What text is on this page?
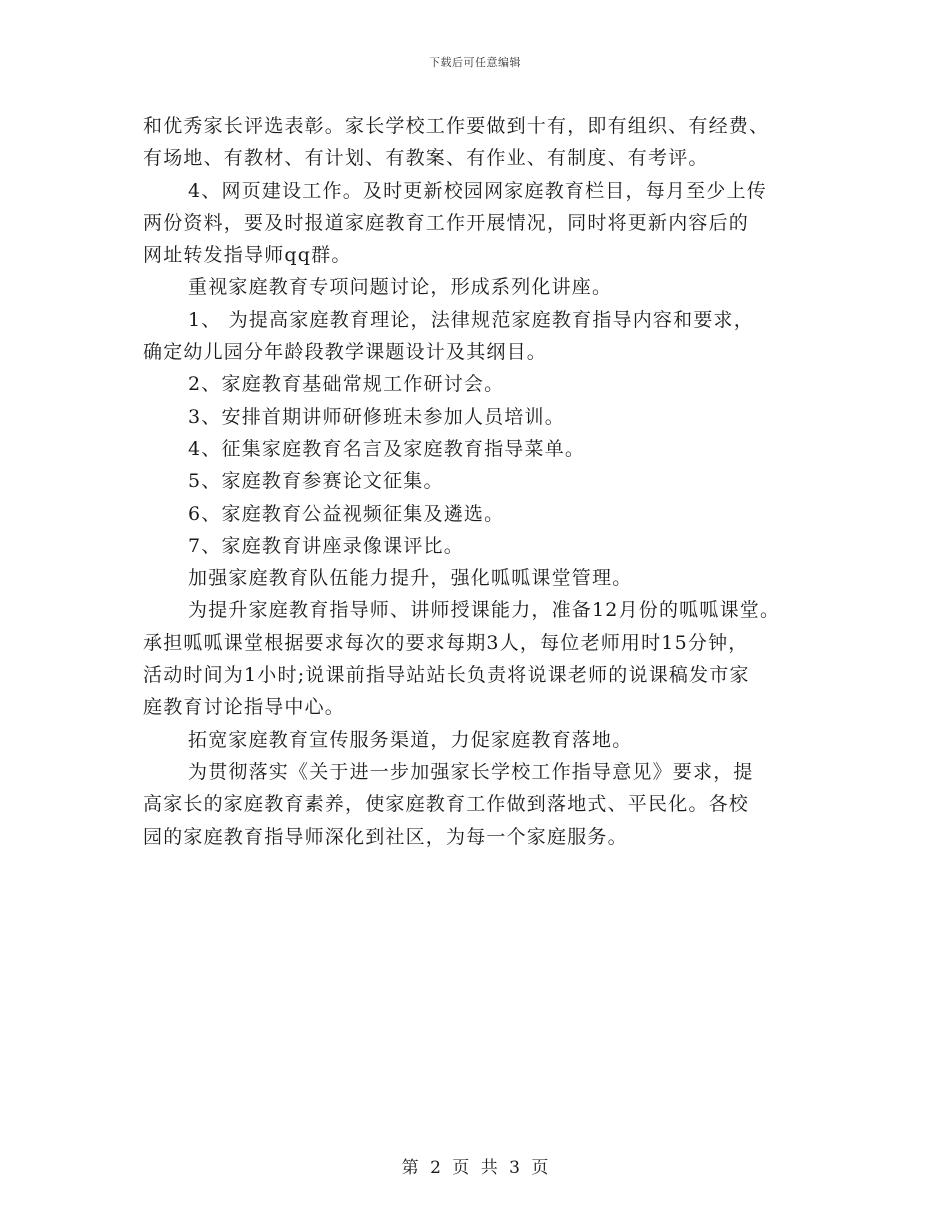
下载后可任意编辑
和优秀家长评选表彰。家长学校工作要做到十有，即有组织、有经费、
有场地、有教材、有计划、有教案、有作业、有制度、有考评。
4、网页建设工作。及时更新校园网家庭教育栏目，每月至少上传
两份资料，要及时报道家庭教育工作开展情况，同时将更新内容后的
网址转发指导师qq群。
重视家庭教育专项问题讨论，形成系列化讲座。
1、 为提高家庭教育理论，法律规范家庭教育指导内容和要求，
确定幼儿园分年龄段教学课题设计及其纲目。
2、家庭教育基础常规工作研讨会。
3、安排首期讲师研修班未参加人员培训。
4、征集家庭教育名言及家庭教育指导菜单。
5、家庭教育参赛论文征集。
6、家庭教育公益视频征集及遴选。
7、家庭教育讲座录像课评比。
加强家庭教育队伍能力提升，强化呱呱课堂管理。
为提升家庭教育指导师、讲师授课能力，准备12月份的呱呱课堂。
承担呱呱课堂根据要求每次的要求每期3人，每位老师用时15分钟，
活动时间为1小时;说课前指导站站长负责将说课老师的说课稿发市家
庭教育讨论指导中心。
拓宽家庭教育宣传服务渠道，力促家庭教育落地。
为贯彻落实《关于进一步加强家长学校工作指导意见》要求，提
高家长的家庭教育素养，使家庭教育工作做到落地式、平民化。各校
园的家庭教育指导师深化到社区，为每一个家庭服务。
第 2 页 共 3 页
